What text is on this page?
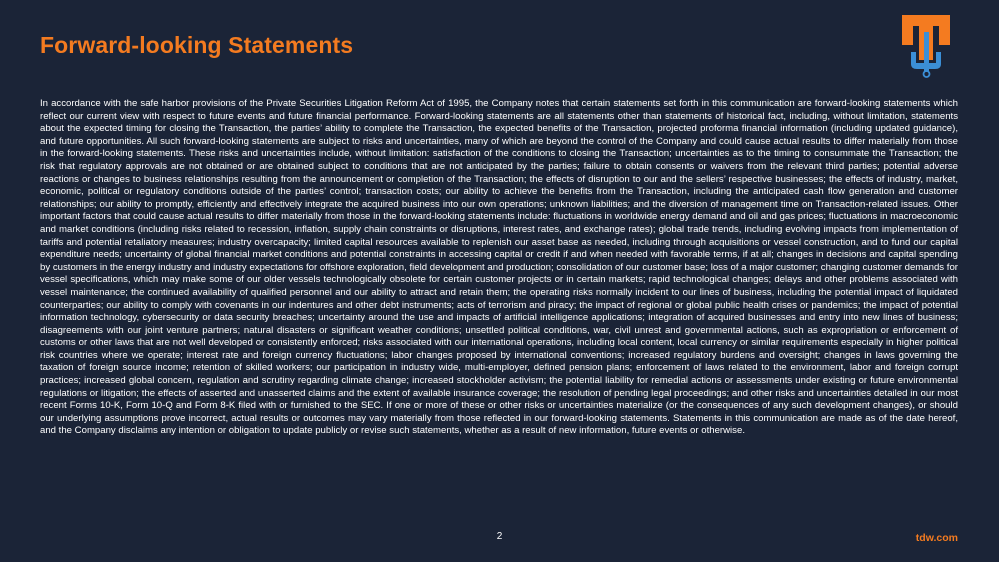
Forward-looking Statements

In accordance with the safe harbor provisions of the Private Securities Litigation Reform Act of 1995, the Company notes that certain statements set forth in this communication are forward-looking statements which reflect our current view with respect to future events and future financial performance. Forward-looking statements are all statements other than statements of historical fact, including, without limitation, statements about the expected timing for closing the Transaction, the parties’ ability to complete the Transaction, the expected benefits of the Transaction, projected proforma financial information (including updated guidance), and future opportunities. All such forward-looking statements are subject to risks and uncertainties, many of which are beyond the control of the Company and could cause actual results to differ materially from those in the forward-looking statements. These risks and uncertainties include, without limitation: satisfaction of the conditions to closing the Transaction; uncertainties as to the timing to consummate the Transaction; the risk that regulatory approvals are not obtained or are obtained subject to conditions that are not anticipated by the parties; failure to obtain consents or waivers from the relevant third parties; potential adverse reactions or changes to business relationships resulting from the announcement or completion of the Transaction; the effects of disruption to our and the sellers’ respective businesses; the effects of industry, market, economic, political or regulatory conditions outside of the parties’ control; transaction costs; our ability to achieve the benefits from the Transaction, including the anticipated cash flow generation and customer relationships; our ability to promptly, efficiently and effectively integrate the acquired business into our own operations; unknown liabilities; and the diversion of management time on Transaction-related issues. Other important factors that could cause actual results to differ materially from those in the forward-looking statements include: fluctuations in worldwide energy demand and oil and gas prices; fluctuations in macroeconomic and market conditions (including risks related to recession, inflation, supply chain constraints or disruptions, interest rates, and exchange rates); global trade trends, including evolving impacts from implementation of tariffs and potential retaliatory measures; industry overcapacity; limited capital resources available to replenish our asset base as needed, including through acquisitions or vessel construction, and to fund our capital expenditure needs; uncertainty of global financial market conditions and potential constraints in accessing capital or credit if and when needed with favorable terms, if at all; changes in decisions and capital spending by customers in the energy industry and industry expectations for offshore exploration, field development and production; consolidation of our customer base; loss of a major customer; changing customer demands for vessel specifications, which may make some of our older vessels technologically obsolete for certain customer projects or in certain markets; rapid technological changes; delays and other problems associated with vessel maintenance; the continued availability of qualified personnel and our ability to attract and retain them; the operating risks normally incident to our lines of business, including the potential impact of liquidated counterparties; our ability to comply with covenants in our indentures and other debt instruments; acts of terrorism and piracy; the impact of regional or global public health crises or pandemics; the impact of potential information technology, cybersecurity or data security breaches; uncertainty around the use and impacts of artificial intelligence applications; integration of acquired businesses and entry into new lines of business; disagreements with our joint venture partners; natural disasters or significant weather conditions; unsettled political conditions, war, civil unrest and governmental actions, such as expropriation or enforcement of customs or other laws that are not well developed or consistently enforced; risks associated with our international operations, including local content, local currency or similar requirements especially in higher political risk countries where we operate; interest rate and foreign currency fluctuations; labor changes proposed by international conventions; increased regulatory burdens and oversight; changes in laws governing the taxation of foreign source income; retention of skilled workers; our participation in industry wide, multi-employer, defined pension plans; enforcement of laws related to the environment, labor and foreign corrupt practices; increased global concern, regulation and scrutiny regarding climate change; increased stockholder activism; the potential liability for remedial actions or assessments under existing or future environmental regulations or litigation; the effects of asserted and unasserted claims and the extent of available insurance coverage; the resolution of pending legal proceedings; and other risks and uncertainties detailed in our most recent Forms 10-K, Form 10-Q and Form 8-K filed with or furnished to the SEC. If one or more of these or other risks or uncertainties materialize (or the consequences of any such development changes), or should our underlying assumptions prove incorrect, actual results or outcomes may vary materially from those reflected in our forward-looking statements. Statements in this communication are made as of the date hereof, and the Company disclaims any intention or obligation to update publicly or revise such statements, whether as a result of new information, future events or otherwise.

2	tdw.com
